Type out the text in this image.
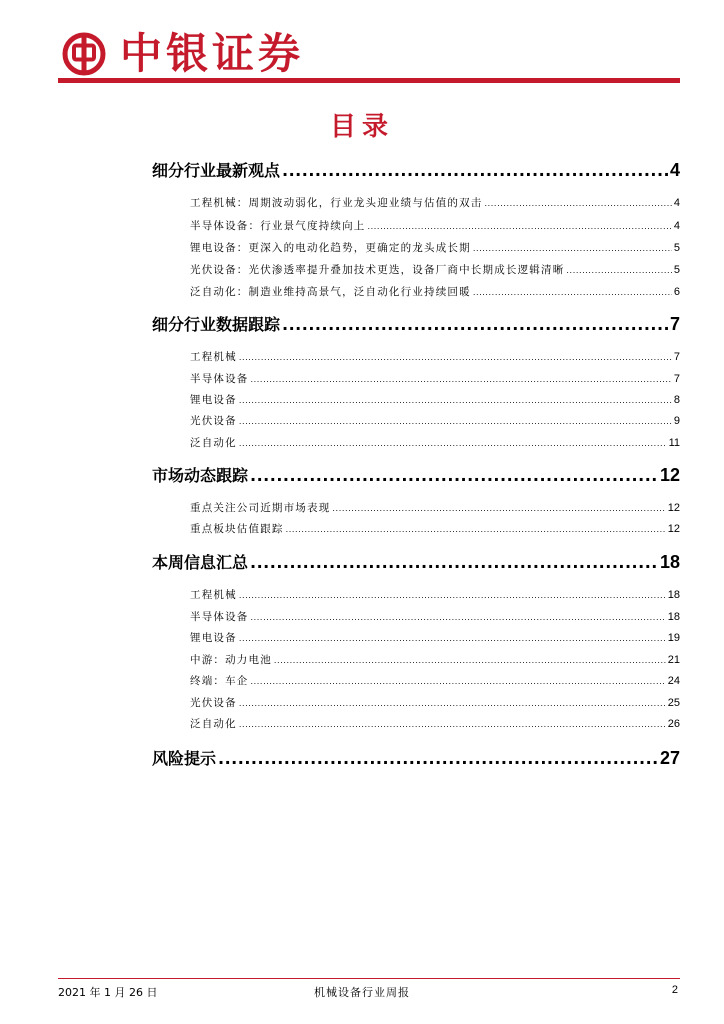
中银证券
目录
细分行业最新观点 .....	4
工程机械：周期波动弱化，行业龙头迎业绩与估值的双击 .....	4
半导体设备：行业景气度持续向上 .....	4
锂电设备：更深入的电动化趋势，更确定的龙头成长期 .....	5
光伏设备：光伏渗透率提升叠加技术更迭，设备厂商中长期成长逻辑清晰 .....	5
泛自动化：制造业维持高景气，泛自动化行业持续回暖 .....	6
细分行业数据跟踪 .....	7
工程机械 .....	7
半导体设备 .....	7
锂电设备 .....	8
光伏设备 .....	9
泛自动化 .....	11
市场动态跟踪 .....	12
重点关注公司近期市场表现 .....	12
重点板块估值跟踪 .....	12
本周信息汇总 .....	18
工程机械 .....	18
半导体设备 .....	18
锂电设备 .....	19
中游：动力电池 .....	21
终端：车企 .....	24
光伏设备 .....	25
泛自动化 .....	26
风险提示 .....	27
2021 年 1 月 26 日	机械设备行业周报	2
